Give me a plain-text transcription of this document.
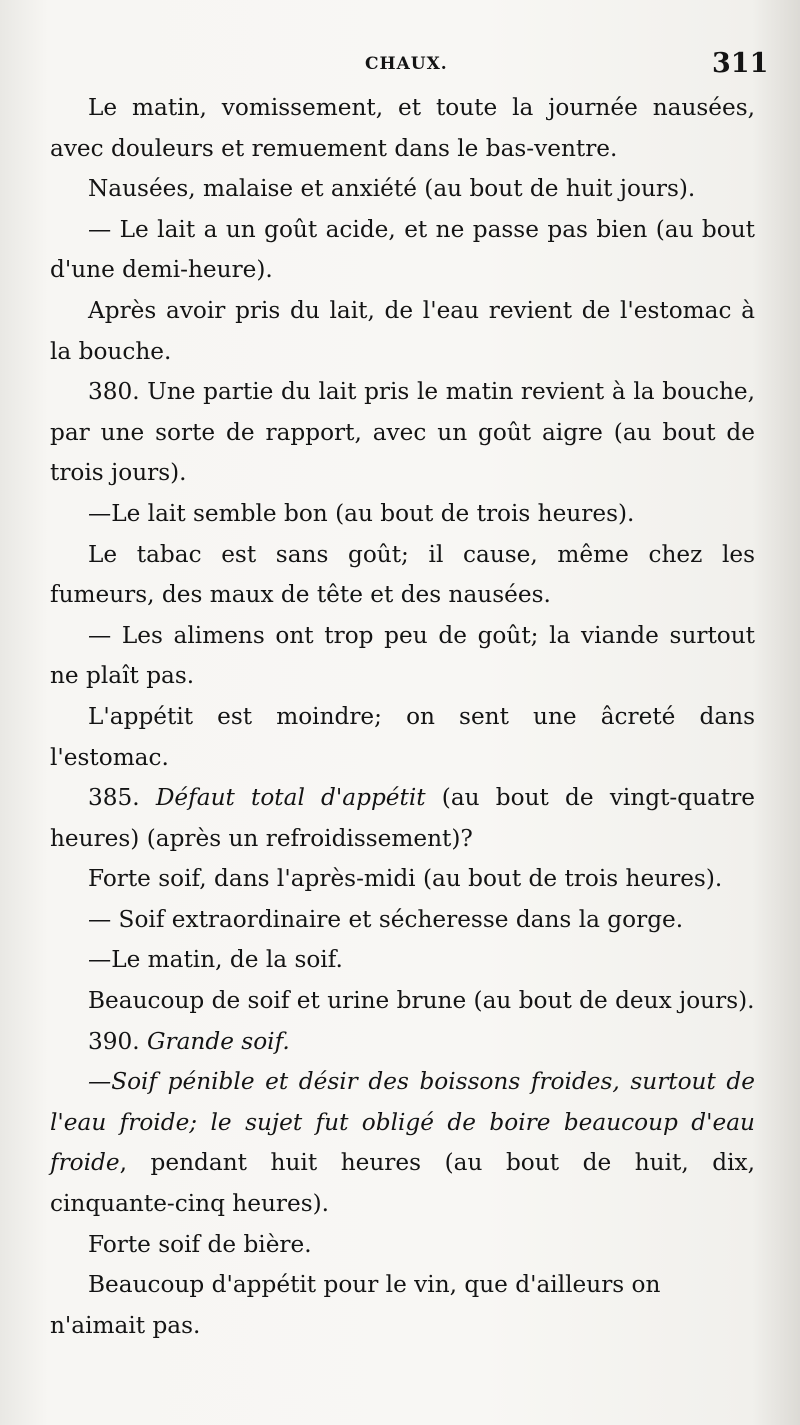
CHAUX.	311

Le matin, vomissement, et toute la journée nausées, avec douleurs et remuement dans le bas-ventre.

Nausées, malaise et anxiété (au bout de huit jours).

— Le lait a un goût acide, et ne passe pas bien (au bout d'une demi-heure).

Après avoir pris du lait, de l'eau revient de l'estomac à la bouche.

380. Une partie du lait pris le matin revient à la bouche, par une sorte de rapport, avec un goût aigre (au bout de trois jours).

—Le lait semble bon (au bout de trois heures).

Le tabac est sans goût; il cause, même chez les fumeurs, des maux de tête et des nausées.

— Les alimens ont trop peu de goût; la viande surtout ne plaît pas.

L'appétit est moindre; on sent une âcreté dans l'estomac.

385. Défaut total d'appétit (au bout de vingt-quatre heures) (après un refroidissement)?

Forte soif, dans l'après-midi (au bout de trois heures).

— Soif extraordinaire et sécheresse dans la gorge.

—Le matin, de la soif.

Beaucoup de soif et urine brune (au bout de deux jours).

390. Grande soif.

—Soif pénible et désir des boissons froides, surtout de l'eau froide; le sujet fut obligé de boire beaucoup d'eau froide, pendant huit heures (au bout de huit, dix, cinquante-cinq heures).

Forte soif de bière.

Beaucoup d'appétit pour le vin, que d'ailleurs on n'aimait pas.
